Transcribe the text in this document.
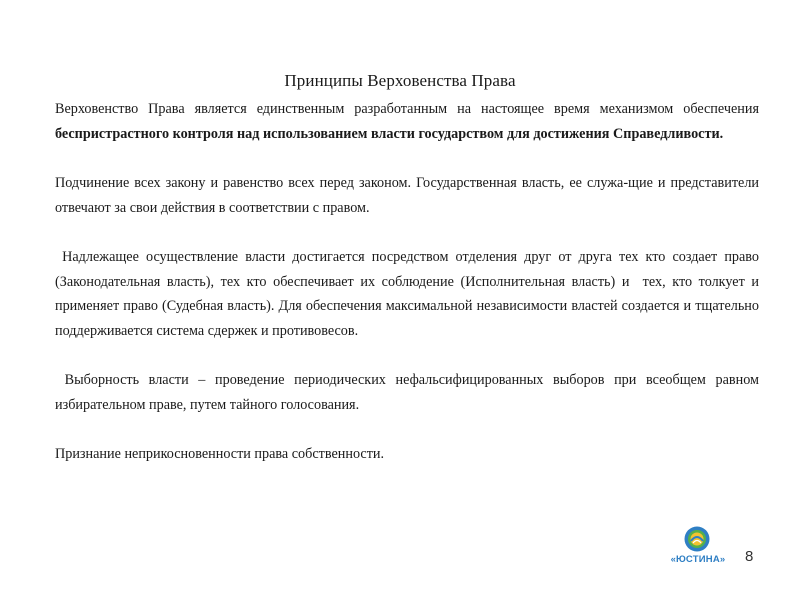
Принципы Верховенства Права

Верховенство Права является единственным разработанным на настоящее время механизмом обеспечения беспристрастного контроля над использованием власти государством для достижения Справедливости.

Подчинение всех закону и равенство всех перед законом. Государственная власть, ее служа-щие и представители отвечают за свои действия в соответствии с правом.

Надлежащее осуществление власти достигается посредством отделения друг от друга тех кто создает право (Законодательная власть), тех кто обеспечивает их соблюдение (Исполнительная власть) и  тех, кто толкует и применяет право (Судебная власть). Для обеспечения максимальной независимости властей создается и тщательно поддерживается система сдержек и противовесов.

Выборность власти – проведение периодических нефальсифицированных выборов при всеобщем равном избирательном праве, путем тайного голосования.

Признание неприкосновенности права собственности.

«ЮСТИНА»	8
